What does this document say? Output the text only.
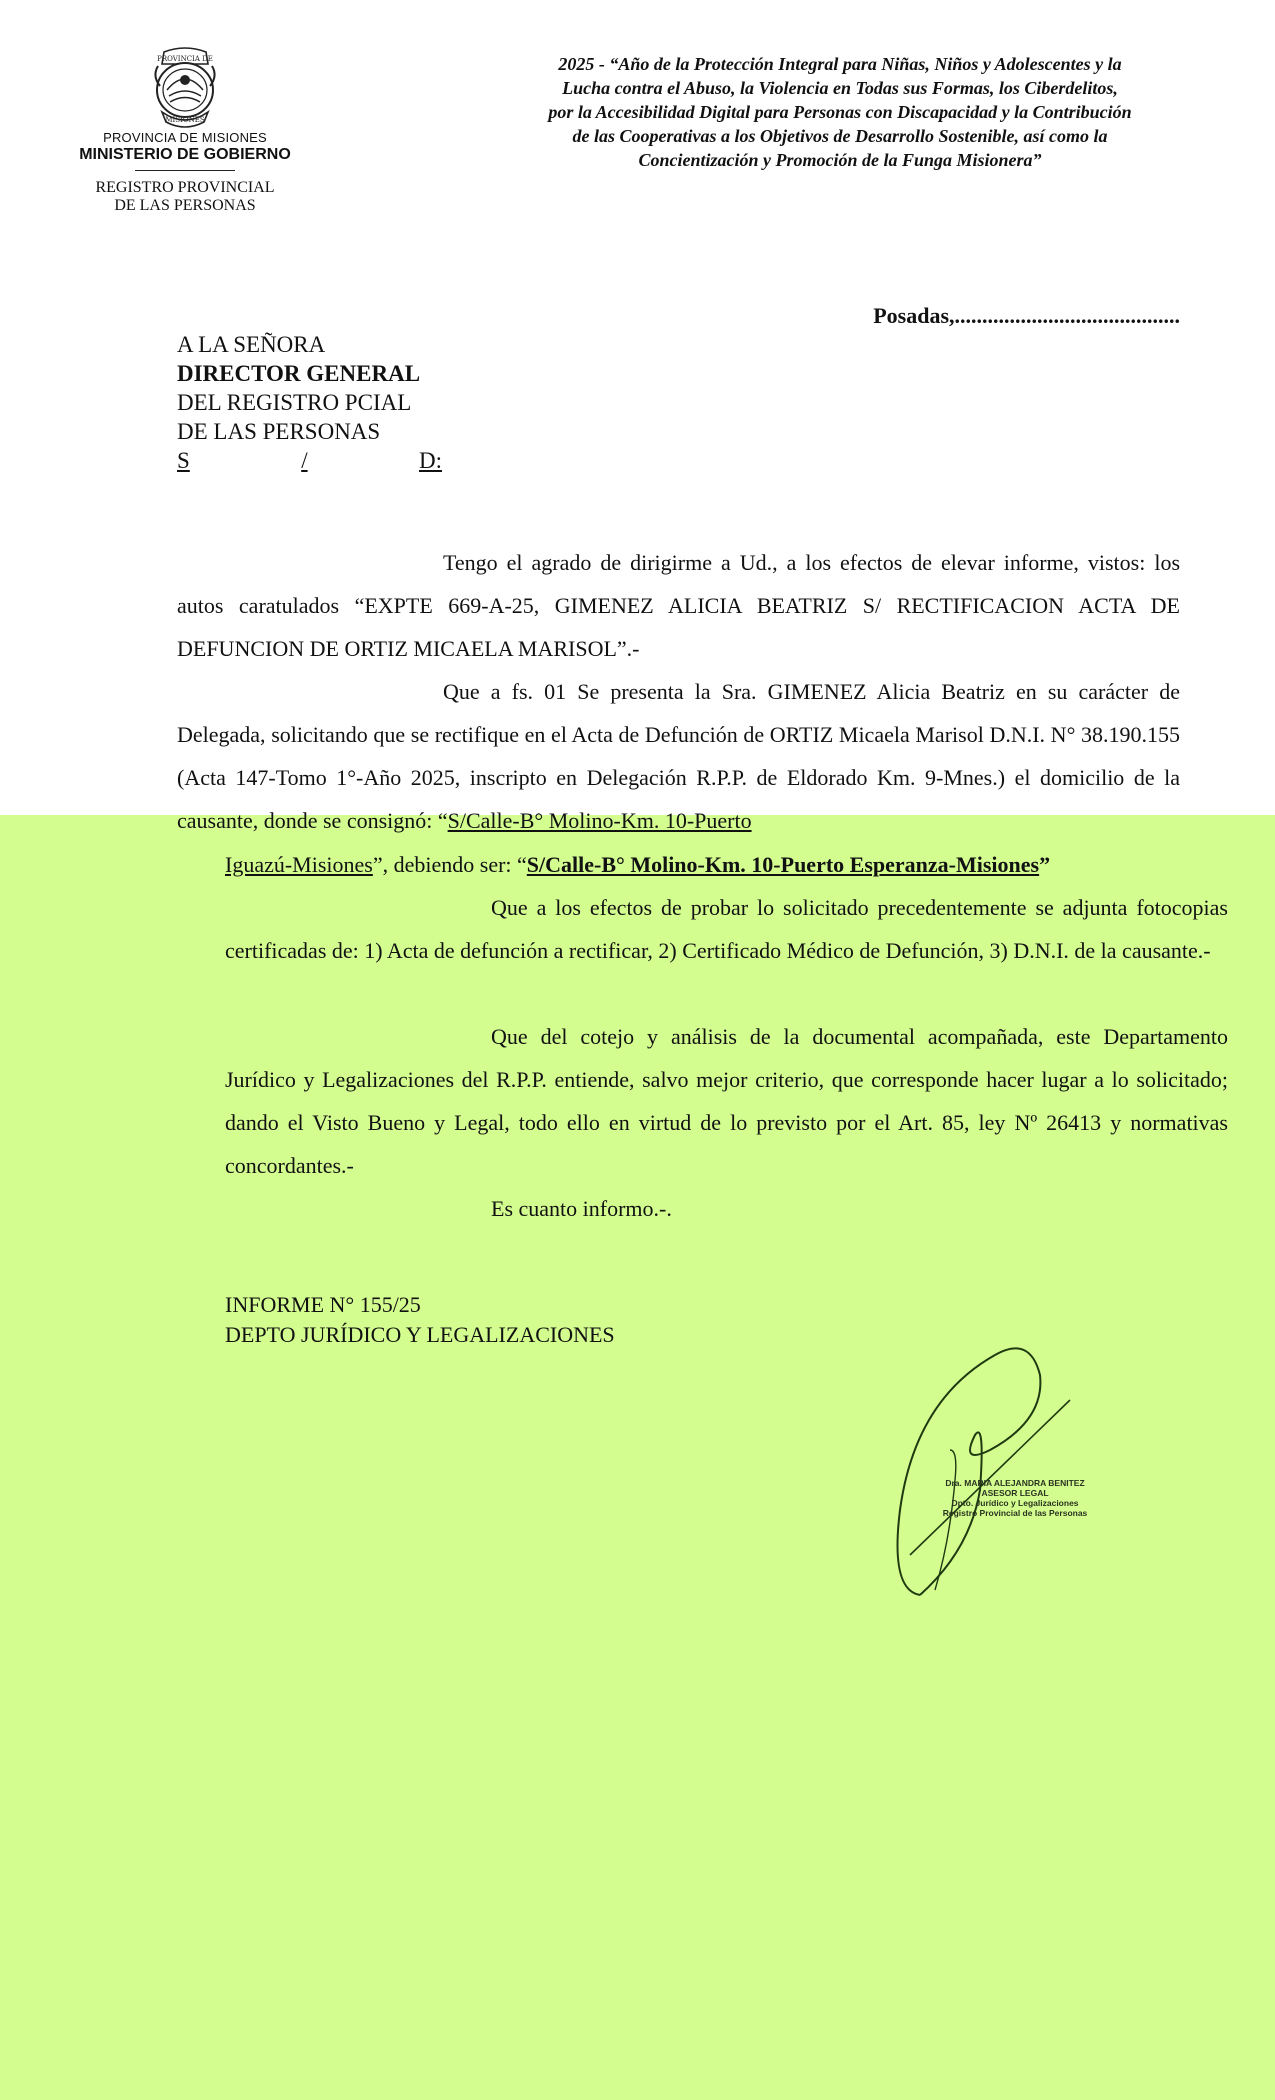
PROVINCIA DE
MISIONES
PROVINCIA DE MISIONES
MINISTERIO DE GOBIERNO
REGISTRO PROVINCIAL
DE LAS PERSONAS
2025 - “Año de la Protección Integral para Niñas, Niños y Adolescentes y la
Lucha contra el Abuso, la Violencia en Todas sus Formas, los Ciberdelitos,
por la Accesibilidad Digital para Personas con Discapacidad y la Contribución
de las Cooperativas a los Objetivos de Desarrollo Sostenible, así como la
Concientización y Promoción de la Funga Misionera”
Posadas,.........................................
A LA SEÑORA
DIRECTOR GENERAL
DEL REGISTRO PCIAL
DE LAS PERSONAS
S	/	D:
Tengo el agrado de dirigirme a Ud., a los efectos de elevar informe, vistos: los autos caratulados “EXPTE 669-A-25, GIMENEZ ALICIA BEATRIZ S/ RECTIFICACION ACTA DE DEFUNCION DE ORTIZ MICAELA MARISOL”.-
Que a fs. 01 Se presenta la Sra. GIMENEZ Alicia Beatriz en su carácter de Delegada, solicitando que se rectifique en el Acta de Defunción de ORTIZ Micaela Marisol D.N.I. N° 38.190.155 (Acta 147-Tomo 1°-Año 2025, inscripto en Delegación R.P.P. de Eldorado Km. 9-Mnes.) el domicilio de la causante, donde se consignó: “S/Calle-B° Molino-Km. 10-Puerto
Iguazú-Misiones”, debiendo ser: “S/Calle-B° Molino-Km. 10-Puerto Esperanza-Misiones”
Que a los efectos de probar lo solicitado precedentemente se adjunta fotocopias certificadas de: 1) Acta de defunción a rectificar, 2) Certificado Médico de Defunción, 3) D.N.I. de la causante.-
Que del cotejo y análisis de la documental acompañada, este Departamento Jurídico y Legalizaciones del R.P.P. entiende, salvo mejor criterio, que corresponde hacer lugar a lo solicitado; dando el Visto Bueno y Legal, todo ello en virtud de lo previsto por el Art. 85, ley Nº 26413 y normativas concordantes.-
Es cuanto informo.-.
INFORME N° 155/25
DEPTO JURÍDICO Y LEGALIZACIONES
Dra. MARIA ALEJANDRA BENITEZ
ASESOR LEGAL
Dpto. Jurídico y Legalizaciones
Registro Provincial de las Personas
